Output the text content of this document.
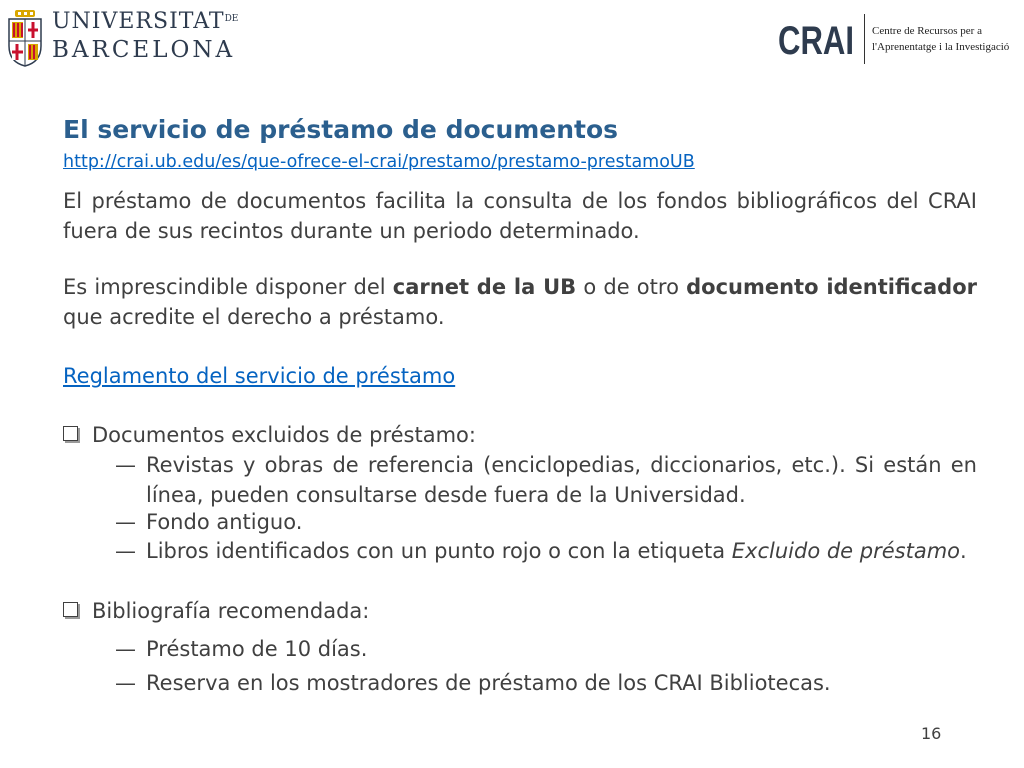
$UNIVERSITAT^{DE}$
BARCELONA	CRAI Centre de Recursos per a
l'Aprenentatge i la Investigació
El servicio de préstamo de documentos
http://crai.ub.edu/es/que-ofrece-el-crai/prestamo/prestamo-prestamoUB
El préstamo de documentos facilita la consulta de los fondos bibliográficos del CRAI fuera de sus recintos durante un periodo determinado.
Es imprescindible disponer del carnet de la UB o de otro documento identificador que acredite el derecho a préstamo.
Reglamento del servicio de préstamo
Documentos excluidos de préstamo:
— Revistas y obras de referencia (enciclopedias, diccionarios, etc.). Si están en línea, pueden consultarse desde fuera de la Universidad.
— Fondo antiguo.
— Libros identificados con un punto rojo o con la etiqueta Excluido de préstamo.
Bibliografía recomendada:
— Préstamo de 10 días.
— Reserva en los mostradores de préstamo de los CRAI Bibliotecas.
16
